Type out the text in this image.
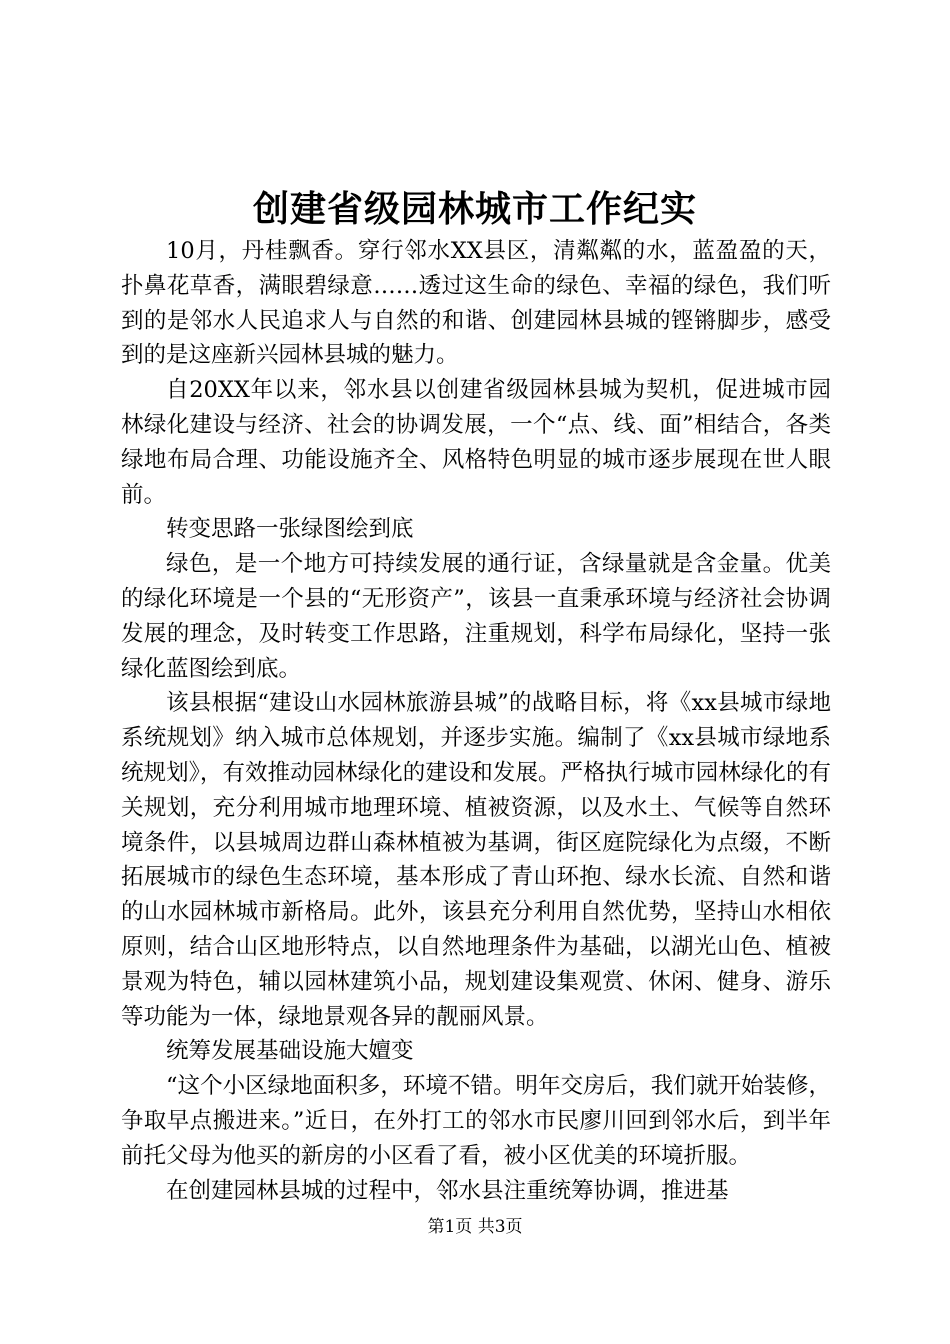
创建省级园林城市工作纪实

10月，丹桂飘香。穿行邻水XX县区，清粼粼的水，蓝盈盈的天，扑鼻花草香，满眼碧绿意……透过这生命的绿色、幸福的绿色，我们听到的是邻水人民追求人与自然的和谐、创建园林县城的铿锵脚步，感受到的是这座新兴园林县城的魅力。

自20XX年以来，邻水县以创建省级园林县城为契机，促进城市园林绿化建设与经济、社会的协调发展，一个“点、线、面”相结合，各类绿地布局合理、功能设施齐全、风格特色明显的城市逐步展现在世人眼前。

转变思路一张绿图绘到底

绿色，是一个地方可持续发展的通行证，含绿量就是含金量。优美的绿化环境是一个县的“无形资产”，该县一直秉承环境与经济社会协调发展的理念，及时转变工作思路，注重规划，科学布局绿化，坚持一张绿化蓝图绘到底。

该县根据“建设山水园林旅游县城”的战略目标，将《xx县城市绿地系统规划》纳入城市总体规划，并逐步实施。编制了《xx县城市绿地系统规划》，有效推动园林绿化的建设和发展。严格执行城市园林绿化的有关规划，充分利用城市地理环境、植被资源，以及水土、气候等自然环境条件，以县城周边群山森林植被为基调，街区庭院绿化为点缀，不断拓展城市的绿色生态环境，基本形成了青山环抱、绿水长流、自然和谐的山水园林城市新格局。此外，该县充分利用自然优势，坚持山水相依原则，结合山区地形特点，以自然地理条件为基础，以湖光山色、植被景观为特色，辅以园林建筑小品，规划建设集观赏、休闲、健身、游乐等功能为一体，绿地景观各异的靓丽风景。

统筹发展基础设施大嬗变

“这个小区绿地面积多，环境不错。明年交房后，我们就开始装修，争取早点搬进来。”近日，在外打工的邻水市民廖川回到邻水后，到半年前托父母为他买的新房的小区看了看，被小区优美的环境折服。

在创建园林县城的过程中，邻水县注重统筹协调，推进基

第1页 共3页
